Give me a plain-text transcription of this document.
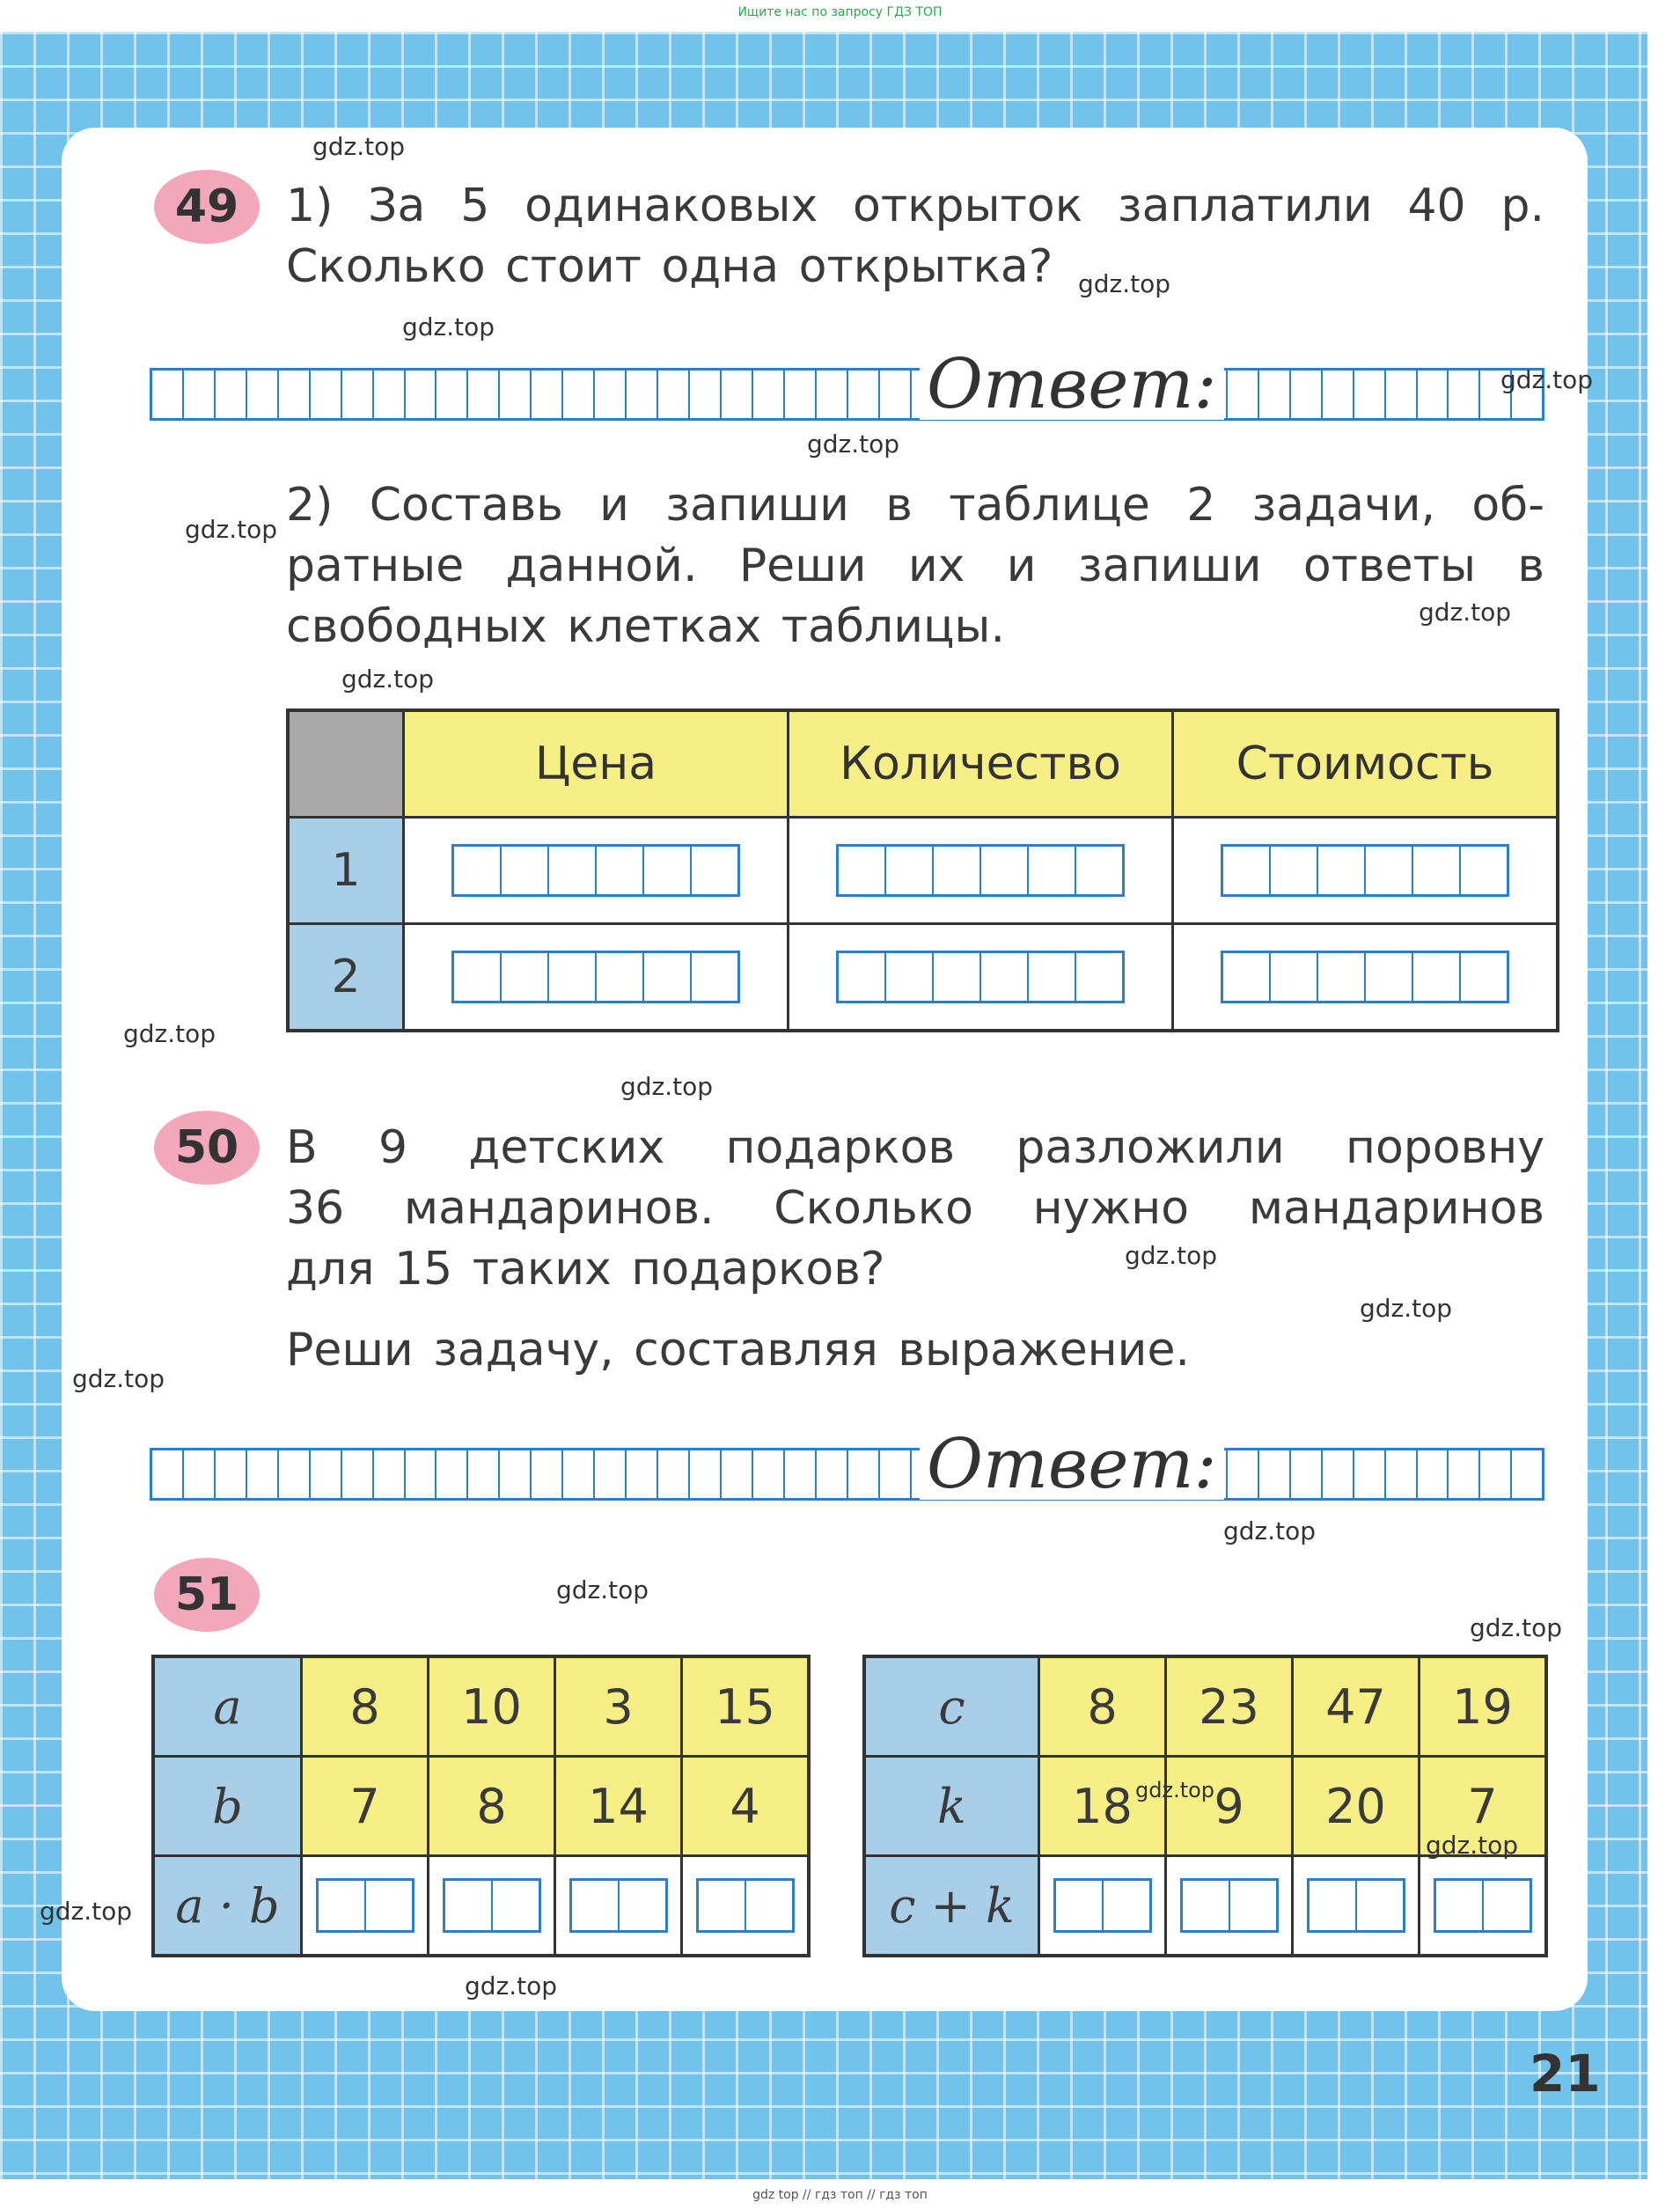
Ищите нас по запросу ГДЗ ТОП
49 1) За 5 одинаковых открыток заплатили 40 р.
Сколько стоит одна открытка?
Ответ:
2) Составь и запиши в таблице 2 задачи, об-
ратные данной. Реши их и запиши ответы в
свободных клетках таблицы.
	Цена	Количество	Стоимость
1	

2	

50 В 9 детских подарков разложили поровну
36 мандаринов. Сколько нужно мандаринов
для 15 таких подарков?
Реши задачу, составляя выражение.
Ответ:
51
a	8	10	3	15
b	7	8	14	4
a · b	

c	8	23	47	19
k	18	9	20	7
c + k	

21
gdz.top
gdz.top
gdz.top
gdz.top
gdz.top
gdz.top
gdz.top
gdz.top
gdz.top
gdz.top
gdz.top
gdz.top
gdz.top
gdz.top
gdz.top
gdz.top
gdz.top
gdz.top
gdz.top
gdz.top
gdz top // гдз топ // гдз топ
